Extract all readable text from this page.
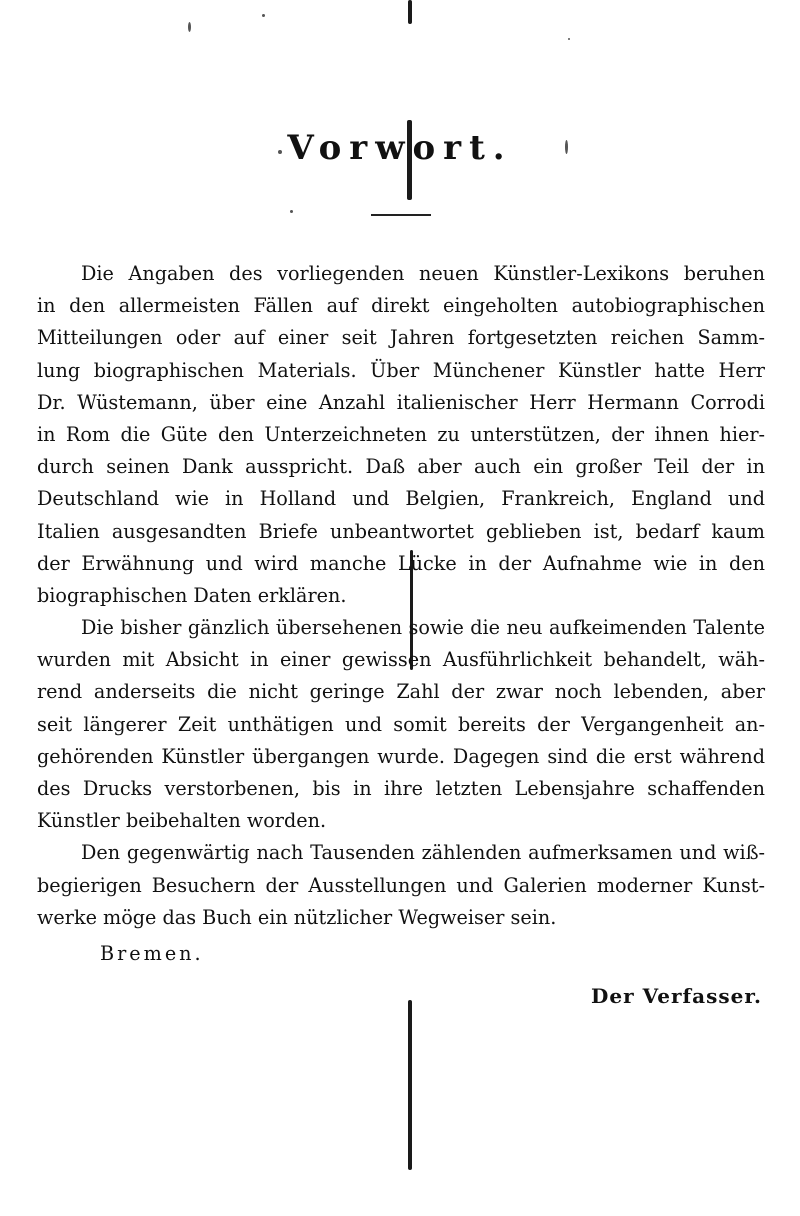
Vorwort.
Die Angaben des vorliegenden neuen Künstler-Lexikons beruhen
in den allermeisten Fällen auf direkt eingeholten autobiographischen
Mitteilungen oder auf einer seit Jahren fortgesetzten reichen Samm-
lung biographischen Materials. Über Münchener Künstler hatte Herr
Dr. Wüstemann, über eine Anzahl italienischer Herr Hermann Corrodi
in Rom die Güte den Unterzeichneten zu unterstützen, der ihnen hier-
durch seinen Dank ausspricht. Daß aber auch ein großer Teil der in
Deutschland wie in Holland und Belgien, Frankreich, England und
Italien ausgesandten Briefe unbeantwortet geblieben ist, bedarf kaum
der Erwähnung und wird manche Lücke in der Aufnahme wie in den
biographischen Daten erklären.
Die bisher gänzlich übersehenen sowie die neu aufkeimenden Talente
wurden mit Absicht in einer gewissen Ausführlichkeit behandelt, wäh-
rend anderseits die nicht geringe Zahl der zwar noch lebenden, aber
seit längerer Zeit unthätigen und somit bereits der Vergangenheit an-
gehörenden Künstler übergangen wurde. Dagegen sind die erst während
des Drucks verstorbenen, bis in ihre letzten Lebensjahre schaffenden
Künstler beibehalten worden.
Den gegenwärtig nach Tausenden zählenden aufmerksamen und wiß-
begierigen Besuchern der Ausstellungen und Galerien moderner Kunst-
werke möge das Buch ein nützlicher Wegweiser sein.
Bremen.
Der Verfasser.
